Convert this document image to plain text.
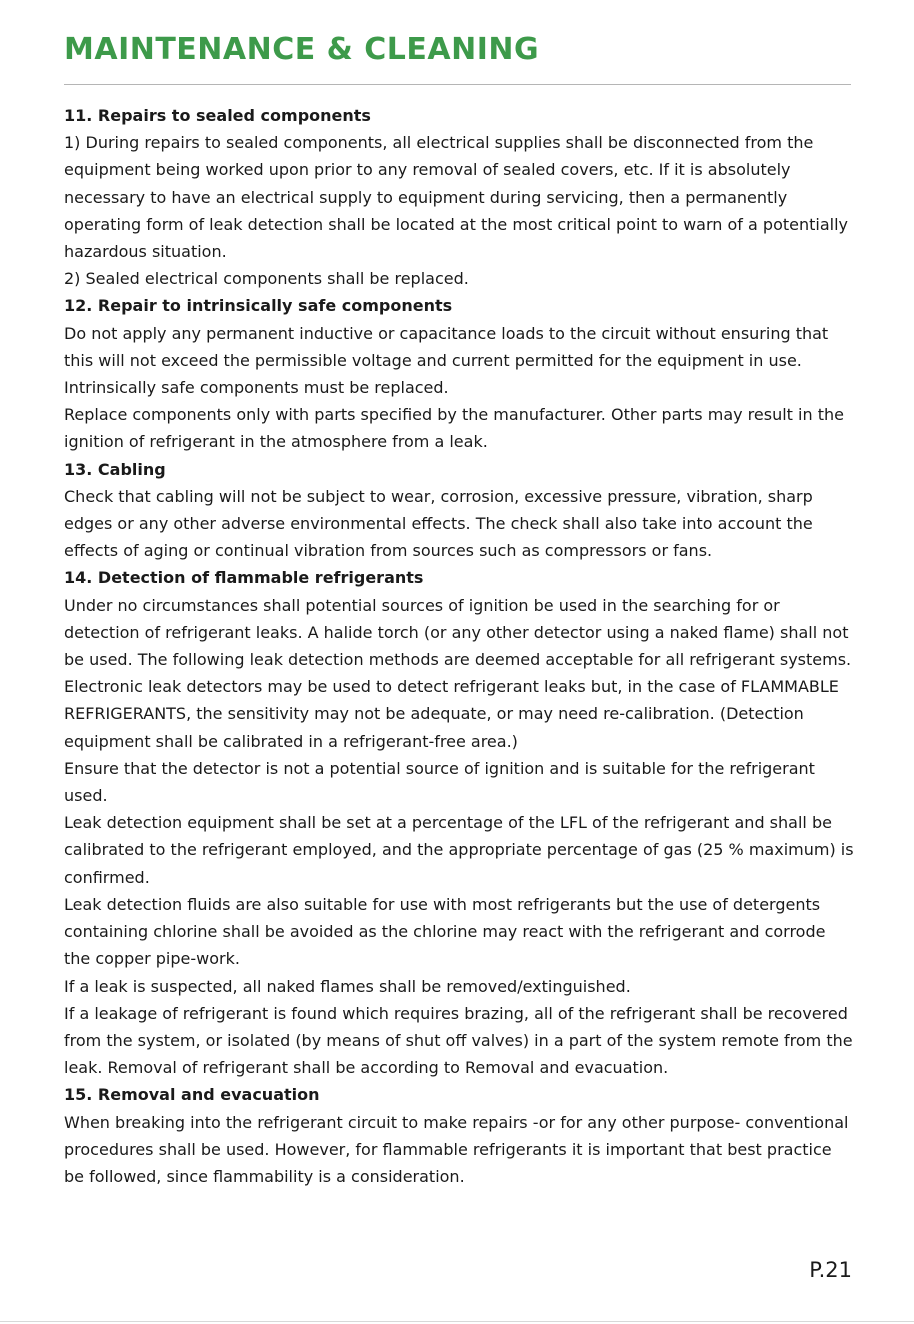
MAINTENANCE & CLEANING

11. Repairs to sealed components

1) During repairs to sealed components, all electrical supplies shall be disconnected from the equipment being worked upon prior to any removal of sealed covers, etc. If it is absolutely necessary to have an electrical supply to equipment during servicing, then a permanently operating form of leak detection shall be located at the most critical point to warn of a potentially hazardous situation.

2) Sealed electrical components shall be replaced.

12. Repair to intrinsically safe components

Do not apply any permanent inductive or capacitance loads to the circuit without ensuring that this will not exceed the permissible voltage and current permitted for the equipment in use. Intrinsically safe components must be replaced.

Replace components only with parts specified by the manufacturer. Other parts may result in the ignition of refrigerant in the atmosphere from a leak.

13. Cabling

Check that cabling will not be subject to wear, corrosion, excessive pressure, vibration, sharp edges or any other adverse environmental effects. The check shall also take into account the effects of aging or continual vibration from sources such as compressors or fans.

14. Detection of flammable refrigerants

Under no circumstances shall potential sources of ignition be used in the searching for or detection of refrigerant leaks. A halide torch (or any other detector using a naked flame) shall not be used. The following leak detection methods are deemed acceptable for all refrigerant systems. Electronic leak detectors may be used to detect refrigerant leaks but, in the case of FLAMMABLE REFRIGERANTS, the sensitivity may not be adequate, or may need re-calibration. (Detection equipment shall be calibrated in a refrigerant-free area.)

Ensure that the detector is not a potential source of ignition and is suitable for the refrigerant used.

Leak detection equipment shall be set at a percentage of the LFL of the refrigerant and shall be calibrated to the refrigerant employed, and the appropriate percentage of gas (25 % maximum) is confirmed.

Leak detection fluids are also suitable for use with most refrigerants but the use of detergents containing chlorine shall be avoided as the chlorine may react with the refrigerant and corrode the copper pipe-work.

If a leak is suspected, all naked flames shall be removed/extinguished.

If a leakage of refrigerant is found which requires brazing, all of the refrigerant shall be recovered from the system, or isolated (by means of shut off valves) in a part of the system remote from the leak. Removal of refrigerant shall be according to Removal and evacuation.

15. Removal and evacuation

When breaking into the refrigerant circuit to make repairs -or for any other purpose- conventional procedures shall be used. However, for flammable refrigerants it is important that best practice be followed, since flammability is a consideration.

P.21
